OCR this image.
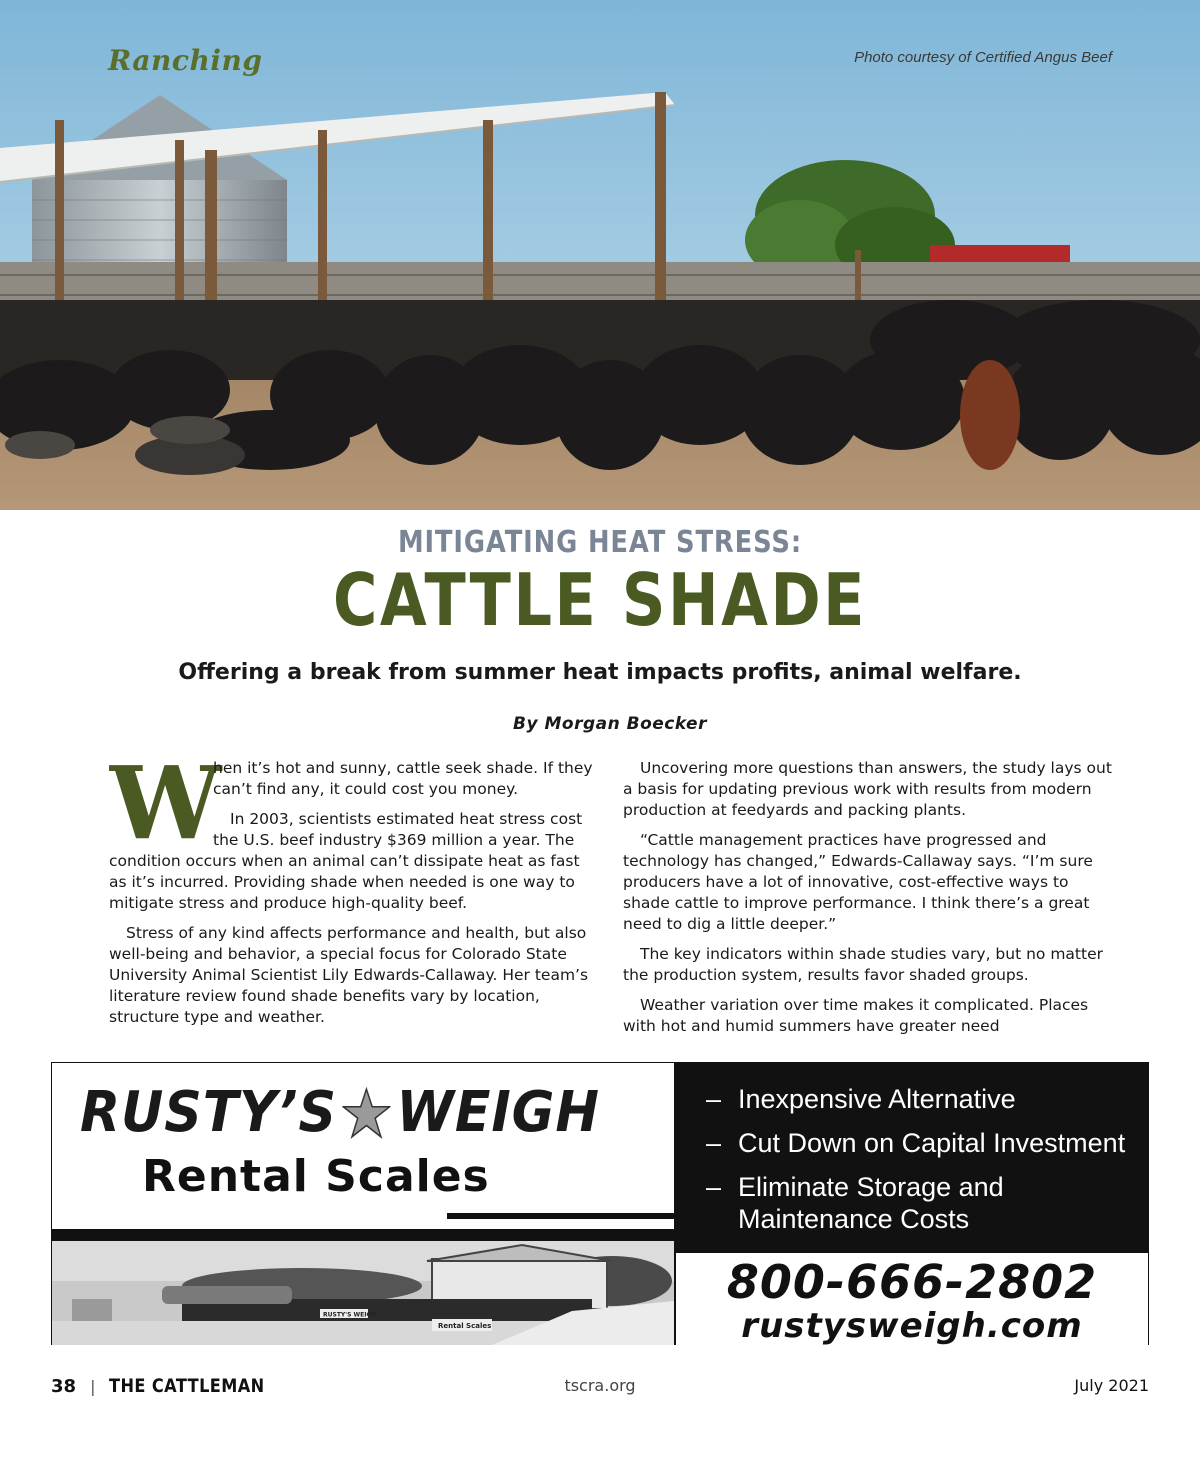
Ranching	Photo courtesy of Certified Angus Beef
MITIGATING HEAT STRESS:
CATTLE SHADE
Offering a break from summer heat impacts profits, animal welfare.
By Morgan Boecker
W

hen it’s hot and sunny, cattle seek shade. If they can’t find any, it could cost you money.

In 2003, scientists estimated heat stress cost the U.S. beef industry $369 million a year. The condition occurs when an animal can’t dissipate heat as fast as it’s incurred. Providing shade when needed is one way to mitigate stress and produce high-quality beef.

Stress of any kind affects performance and health, but also well-being and behavior, a special focus for Colorado State University Animal Scientist Lily Edwards-Callaway. Her team’s literature review found shade benefits vary by location, structure type and weather.

Uncovering more questions than answers, the study lays out a basis for updating previous work with results from modern production at feedyards and packing plants.

“Cattle management practices have progressed and technology has changed,” Edwards-Callaway says. “I’m sure producers have a lot of innovative, cost-effective ways to shade cattle to improve performance. I think there’s a great need to dig a little deeper.”

The key indicators within shade studies vary, but no matter the production system, results favor shaded groups.

Weather variation over time makes it complicated. Places with hot and humid summers have greater need

RUSTY’S WEIGH
Rental Scales
RUSTY'S WEIGH
Rental Scales
– Inexpensive Alternative
– Cut Down on Capital Investment
– Eliminate Storage and Maintenance Costs
800-666-2802
rustysweigh.com
38 | THE CATTLEMAN	tscra.org	July 2021
